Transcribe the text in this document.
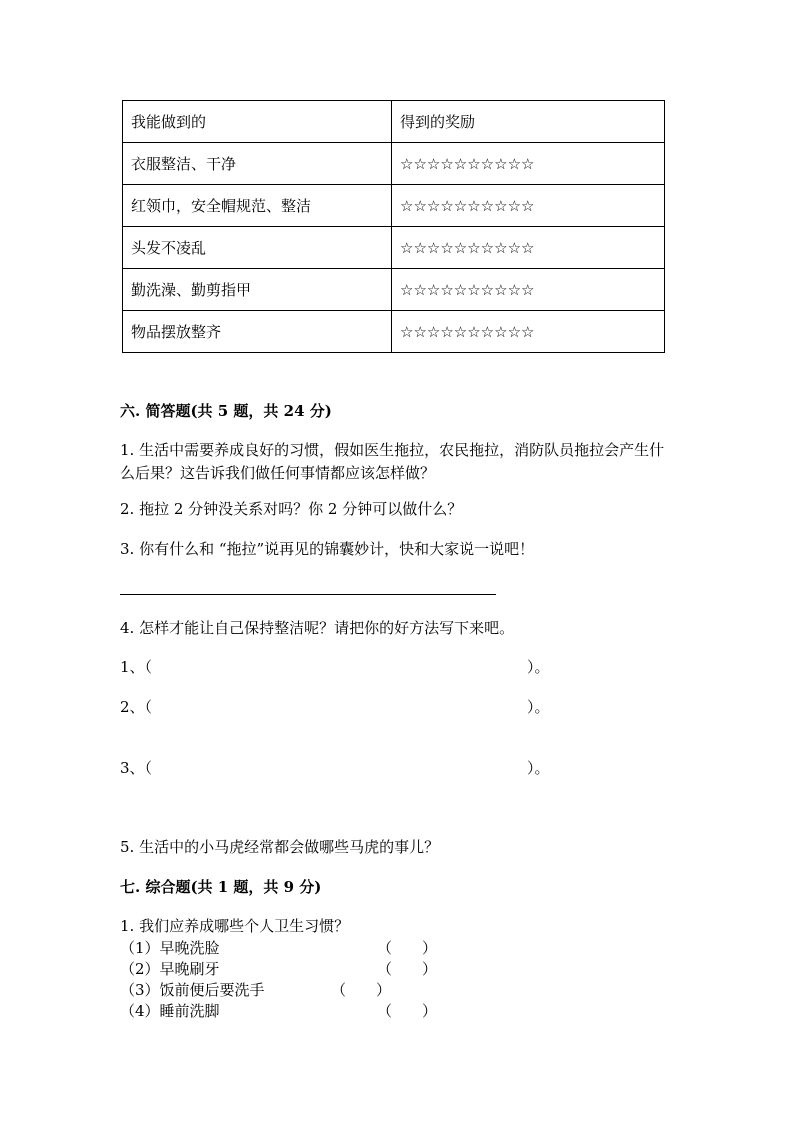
我能做到的	得到的奖励
衣服整洁、干净	☆☆☆☆☆☆☆☆☆☆
红领巾，安全帽规范、整洁	☆☆☆☆☆☆☆☆☆☆
头发不凌乱	☆☆☆☆☆☆☆☆☆☆
勤洗澡、勤剪指甲	☆☆☆☆☆☆☆☆☆☆
物品摆放整齐	☆☆☆☆☆☆☆☆☆☆
六. 简答题(共 5 题，共 24 分)
1. 生活中需要养成良好的习惯，假如医生拖拉，农民拖拉，消防队员拖拉会产生什么后果？这告诉我们做任何事情都应该怎样做？
2. 拖拉 2 分钟没关系对吗？你 2 分钟可以做什么？
3. 你有什么和 “拖拉”说再见的锦囊妙计，快和大家说一说吧！
4. 怎样才能让自己保持整洁呢？请把你的好方法写下来吧。
1、（	）。
2、（	）。
3、（	）。
5. 生活中的小马虎经常都会做哪些马虎的事儿？
七. 综合题(共 1 题，共 9 分)
1. 我们应养成哪些个人卫生习惯？
（1）早晚洗脸	（　　）
（2）早晚刷牙	（　　）
（3）饭前便后要洗手	（　　）
（4）睡前洗脚	（　　）
